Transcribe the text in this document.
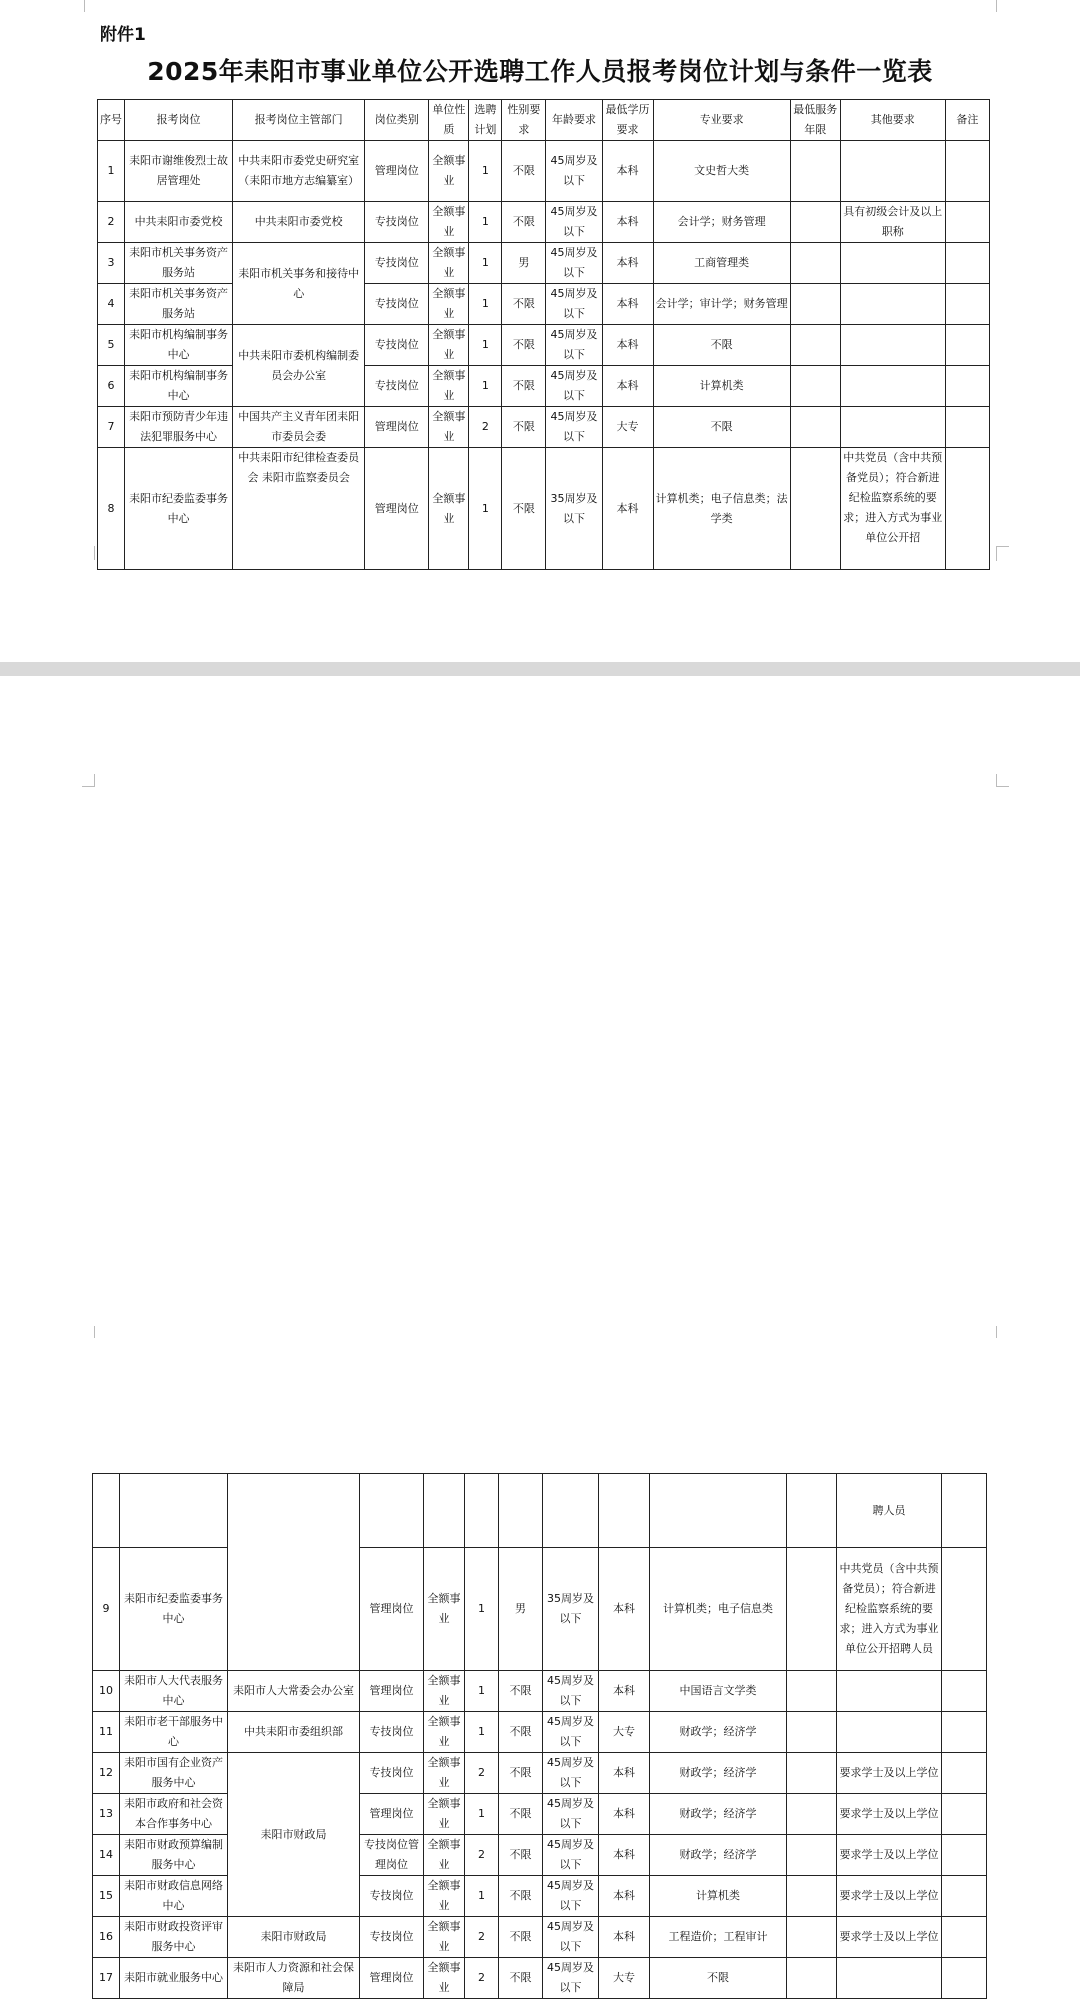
附件1
2025年耒阳市事业单位公开选聘工作人员报考岗位计划与条件一览表
序号	报考岗位	报考岗位主管部门	岗位类别	单位性质	选聘计划	性别要求	年龄要求	最低学历要求	专业要求	最低服务年限	其他要求	备注
1	耒阳市谢维俊烈士故居管理处	中共耒阳市委党史研究室（耒阳市地方志编纂室）	管理岗位	全额事业	1	不限	45周岁及以下	本科	文史哲大类			
2	中共耒阳市委党校	中共耒阳市委党校	专技岗位	全额事业	1	不限	45周岁及以下	本科	会计学；财务管理		具有初级会计及以上职称	
3	耒阳市机关事务资产服务站	耒阳市机关事务和接待中心	专技岗位	全额事业	1	男	45周岁及以下	本科	工商管理类			
4	耒阳市机关事务资产服务站		专技岗位	全额事业	1	不限	45周岁及以下	本科	会计学；审计学；财务管理			
5	耒阳市机构编制事务中心	中共耒阳市委机构编制委员会办公室	专技岗位	全额事业	1	不限	45周岁及以下	本科	不限			
6	耒阳市机构编制事务中心		专技岗位	全额事业	1	不限	45周岁及以下	本科	计算机类			
7	耒阳市预防青少年违法犯罪服务中心	中国共产主义青年团耒阳市委员会委	管理岗位	全额事业	2	不限	45周岁及以下	大专	不限			
8	耒阳市纪委监委事务中心	中共耒阳市纪律检查委员会 耒阳市监察委员会	管理岗位	全额事业	1	不限	35周岁及以下	本科	计算机类；电子信息类；法学类		中共党员（含中共预备党员）；符合新进纪检监察系统的要求；进入方式为事业单位公开招	
											聘人员	
9	耒阳市纪委监委事务中心		管理岗位	全额事业	1	男	35周岁及以下	本科	计算机类；电子信息类		中共党员（含中共预备党员）；符合新进纪检监察系统的要求；进入方式为事业单位公开招聘人员	
10	耒阳市人大代表服务中心	耒阳市人大常委会办公室	管理岗位	全额事业	1	不限	45周岁及以下	本科	中国语言文学类			
11	耒阳市老干部服务中心	中共耒阳市委组织部	专技岗位	全额事业	1	不限	45周岁及以下	大专	财政学；经济学			
12	耒阳市国有企业资产服务中心	耒阳市财政局	专技岗位	全额事业	2	不限	45周岁及以下	本科	财政学；经济学		要求学士及以上学位	
13	耒阳市政府和社会资本合作事务中心		管理岗位	全额事业	1	不限	45周岁及以下	本科	财政学；经济学		要求学士及以上学位	
14	耒阳市财政预算编制服务中心		专技岗位管理岗位	全额事业	2	不限	45周岁及以下	本科	财政学；经济学		要求学士及以上学位	
15	耒阳市财政信息网络中心		专技岗位	全额事业	1	不限	45周岁及以下	本科	计算机类		要求学士及以上学位	
16	耒阳市财政投资评审服务中心	耒阳市财政局	专技岗位	全额事业	2	不限	45周岁及以下	本科	工程造价；工程审计		要求学士及以上学位	
17	耒阳市就业服务中心	耒阳市人力资源和社会保障局	管理岗位	全额事业	2	不限	45周岁及以下	大专	不限			
